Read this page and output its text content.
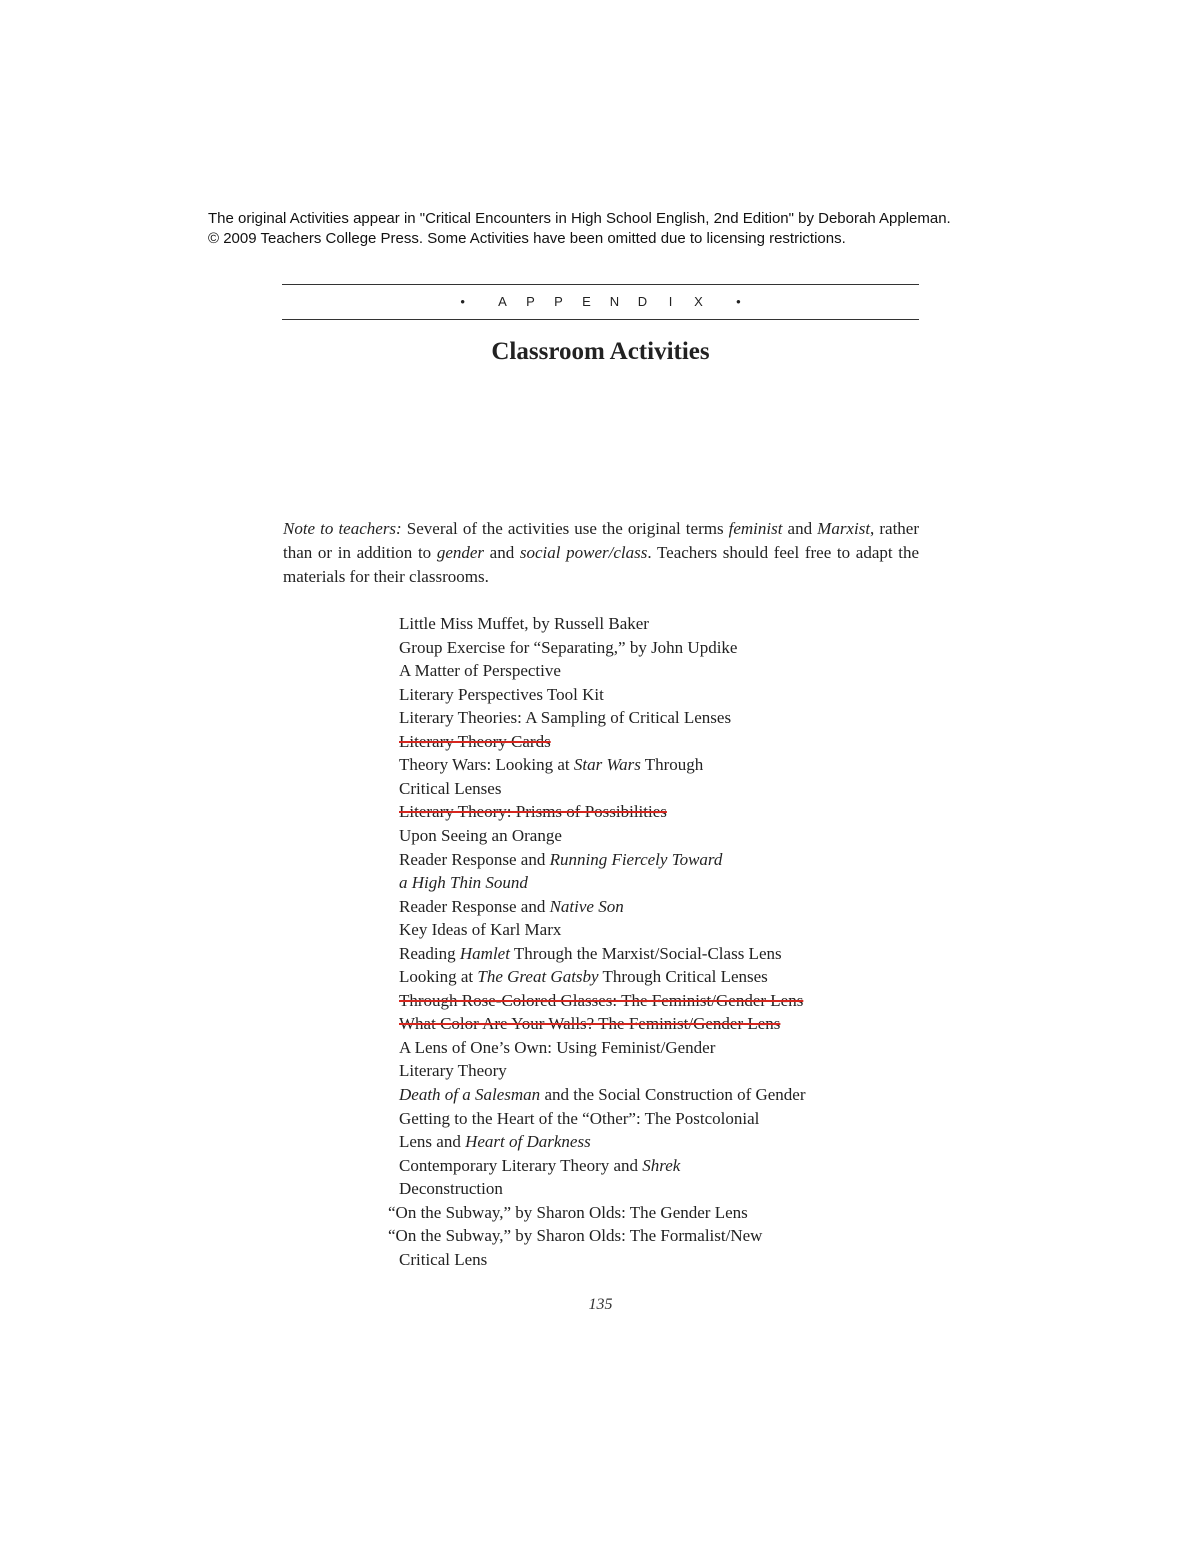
The original Activities appear in "Critical Encounters in High School English, 2nd Edition" by Deborah Appleman.
© 2009 Teachers College Press. Some Activities have been omitted due to licensing restrictions.
•	A P P E N D I X	•
Classroom Activities
Note to teachers: Several of the activities use the original terms feminist and Marxist, rather than or in addition to gender and social power/class. Teachers should feel free to adapt the materials for their classrooms.
Little Miss Muffet, by Russell Baker
Group Exercise for “Separating,” by John Updike
A Matter of Perspective
Literary Perspectives Tool Kit
Literary Theories: A Sampling of Critical Lenses
Literary Theory Cards
Theory Wars: Looking at Star Wars Through
Critical Lenses
Literary Theory: Prisms of Possibilities
Upon Seeing an Orange
Reader Response and Running Fiercely Toward
a High Thin Sound
Reader Response and Native Son
Key Ideas of Karl Marx
Reading Hamlet Through the Marxist/Social-Class Lens
Looking at The Great Gatsby Through Critical Lenses
Through Rose-Colored Glasses: The Feminist/Gender Lens
What Color Are Your Walls? The Feminist/Gender Lens
A Lens of One’s Own: Using Feminist/Gender
Literary Theory
Death of a Salesman and the Social Construction of Gender
Getting to the Heart of the “Other”: The Postcolonial
Lens and Heart of Darkness
Contemporary Literary Theory and Shrek
Deconstruction
“On the Subway,” by Sharon Olds: The Gender Lens
“On the Subway,” by Sharon Olds: The Formalist/New
Critical Lens
135
